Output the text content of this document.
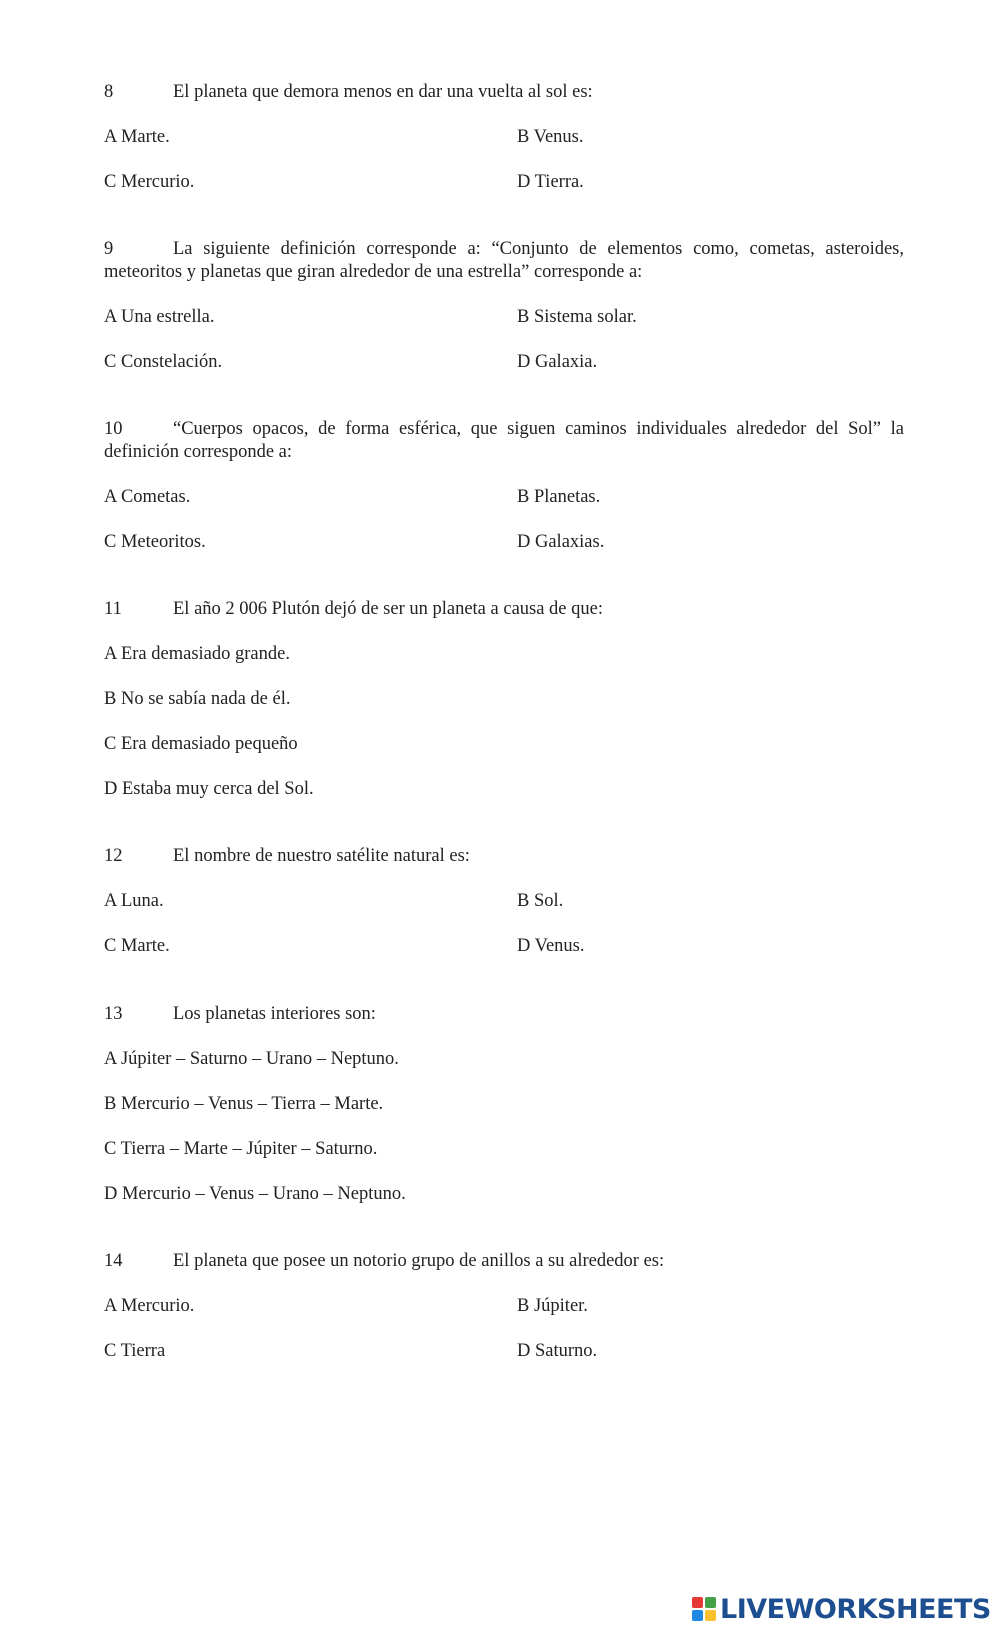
8	El planeta que demora menos en dar una vuelta al sol es:
A Marte.	B Venus.
C Mercurio.	D Tierra.
9	La siguiente definición corresponde a: “Conjunto de elementos como, cometas, asteroides,
meteoritos y planetas que giran alrededor de una estrella” corresponde a:
A Una estrella.	B Sistema solar.
C Constelación.	D Galaxia.
10	“Cuerpos opacos, de forma esférica, que siguen caminos individuales alrededor del Sol” la
definición corresponde a:
A Cometas.	B Planetas.
C Meteoritos.	D Galaxias.
11	El año 2 006 Plutón dejó de ser un planeta a causa de que:
A Era demasiado grande.
B No se sabía nada de él.
C Era demasiado pequeño
D Estaba muy cerca del Sol.
12	El nombre de nuestro satélite natural es:
A Luna.	B Sol.
C Marte.	D Venus.
13	Los planetas interiores son:
A Júpiter – Saturno – Urano – Neptuno.
B Mercurio – Venus – Tierra – Marte.
C Tierra – Marte – Júpiter – Saturno.
D Mercurio – Venus – Urano – Neptuno.
14	El planeta que posee un notorio grupo de anillos a su alrededor es:
A Mercurio.	B Júpiter.
C Tierra	D Saturno.
LIVEWORKSHEETS
